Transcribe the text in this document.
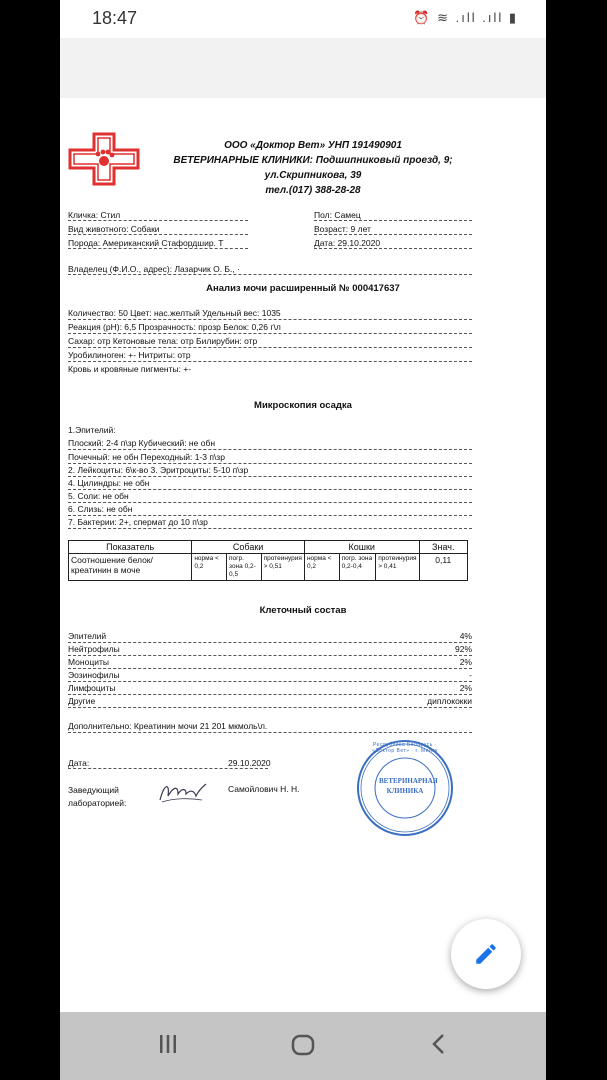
18:47	⏰ ≋ .ıll .ıll ▮
ООО «Доктор Вет» УНП 191490901
ВЕТЕРИНАРНЫЕ КЛИНИКИ: Подшипниковый проезд, 9;
ул.Скрипникова, 39
тел.(017) 388-28-28
Кличка: Стил
Вид животного: Собаки
Порода: Американский Стафордшир. Т
Пол: Самец
Возраст: 9 лет
Дата: 29.10.2020
Владелец (Ф.И.О., адрес): Лазарчик О. Б., ·
Анализ мочи расширенный № 000417637
Количество: 50 Цвет: нас.желтый Удельный вес: 1035
Реакция (pH): 6,5 Прозрачность: прозр Белок: 0,26 г\л
Сахар: отр Кетоновые тела: отр Билирубин: отр
Уробилиноген: +- Нитриты: отр
Кровь и кровяные пигменты: +-
Микроскопия осадка
1.Эпителий:
Плоский: 2-4 п\зр Кубический: не обн
Почечный: не обн Переходный: 1-3 п\зр
2. Лейкоциты: 6\к-во 3. Эритроциты: 5-10 п\зр
4. Цилиндры: не обн
5. Соли: не обн
6. Слизь: не обн
7. Бактерии: 2+, спермат до 10 п\зр
Показатель	Собаки			Кошки			Знач.
Соотношение белок/креатинин в моче	норма < 0,2	погр. зона 0,2-0,5	протеинурия > 0,51	норма < 0,2	погр. зона 0,2-0,4	протеинурия > 0,41	0,11
Клеточный состав
Эпителий	4%
Нейтрофилы	92%
Моноциты	2%
Эозинофилы	-
Лимфоциты	2%
Другие	диплококки
Дополнительно: Креатинин мочи 21 201 мкмоль\л.
Дата:	29.10.2020
Заведующий
лабораторией:
Самойлович Н. Н.
Республика Беларусь · «Доктор Вет» · г. Минск
ВЕТЕРИНАРНАЯ КЛИНИКА
